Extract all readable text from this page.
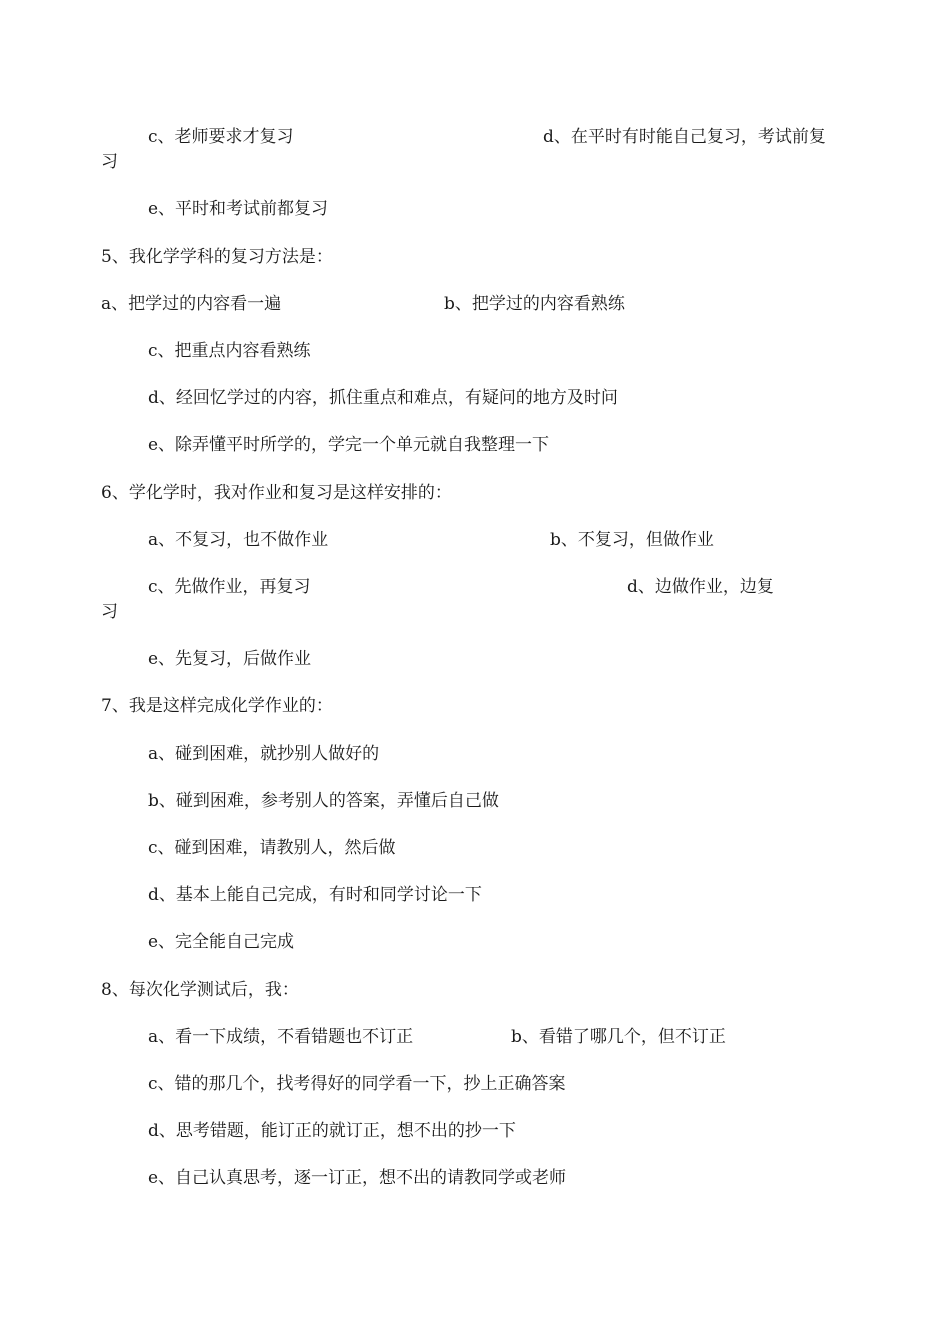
c、老师要求才复习	d、在平时有时能自己复习，考试前复
习
e、平时和考试前都复习
5、我化学学科的复习方法是：
a、把学过的内容看一遍	b、把学过的内容看熟练
c、把重点内容看熟练
d、经回忆学过的内容，抓住重点和难点，有疑问的地方及时问
e、除弄懂平时所学的，学完一个单元就自我整理一下
6、学化学时，我对作业和复习是这样安排的：
a、不复习，也不做作业	b、不复习，但做作业
c、先做作业，再复习	d、边做作业，边复
习
e、先复习，后做作业
7、我是这样完成化学作业的：
a、碰到困难，就抄别人做好的
b、碰到困难，参考别人的答案，弄懂后自己做
c、碰到困难，请教别人，然后做
d、基本上能自己完成，有时和同学讨论一下
e、完全能自己完成
8、每次化学测试后，我：
a、看一下成绩，不看错题也不订正	b、看错了哪几个，但不订正
c、错的那几个，找考得好的同学看一下，抄上正确答案
d、思考错题，能订正的就订正，想不出的抄一下
e、自己认真思考，逐一订正，想不出的请教同学或老师
